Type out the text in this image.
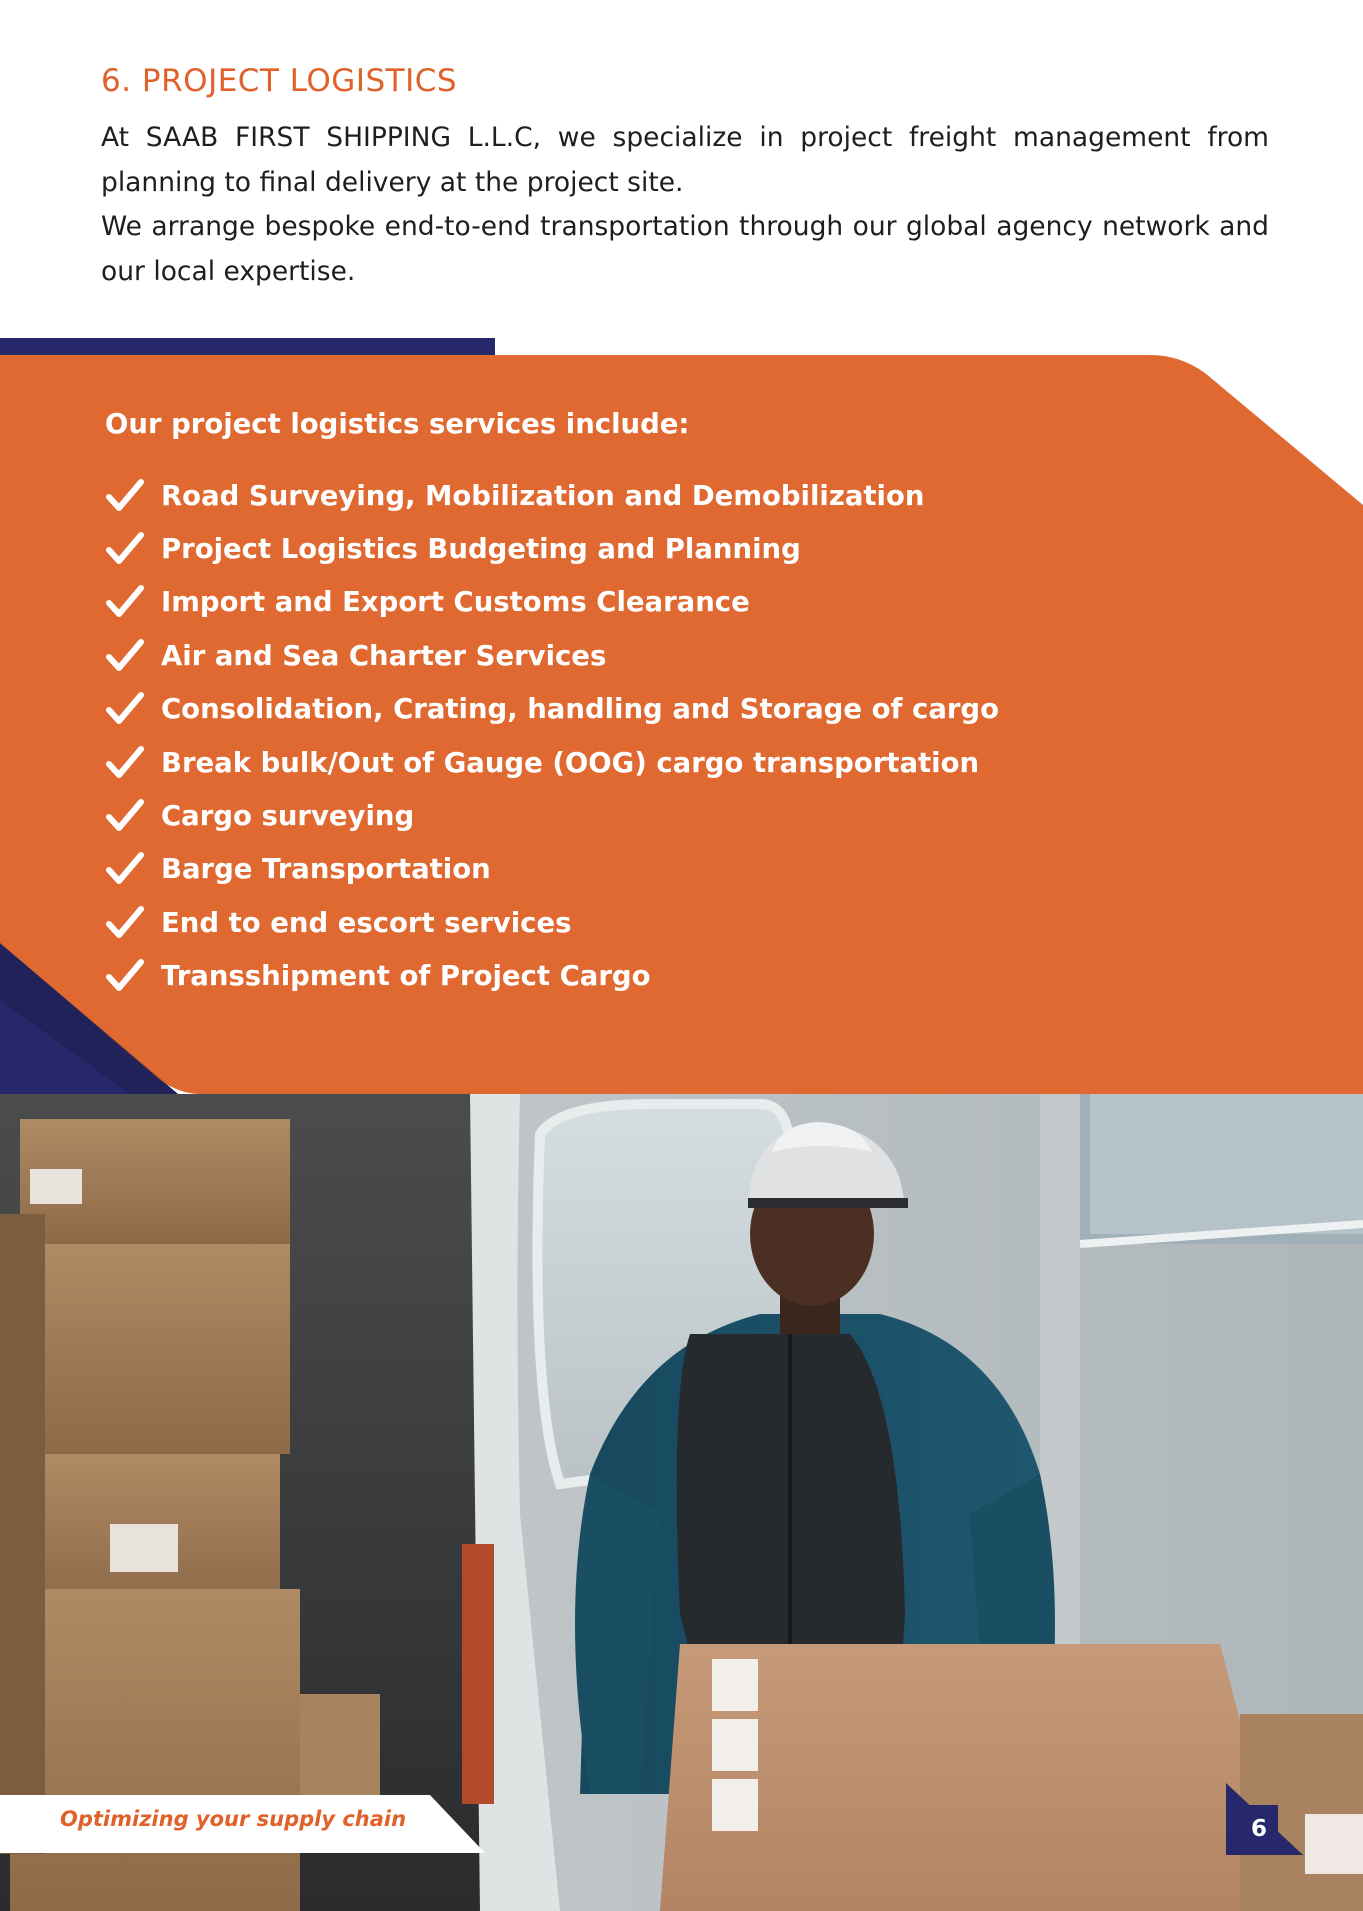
6. PROJECT LOGISTICS

At SAAB FIRST SHIPPING L.L.C, we specialize in project freight management from planning to final delivery at the project site.

We arrange bespoke end-to-end transportation through our global agency network and our local expertise.

Our project logistics services include:
Road Surveying, Mobilization and Demobilization
Project Logistics Budgeting and Planning
Import and Export Customs Clearance
Air and Sea Charter Services
Consolidation, Crating, handling and Storage of cargo
Break bulk/Out of Gauge (OOG) cargo transportation
Cargo surveying
Barge Transportation
End to end escort services
Transshipment of Project Cargo
Optimizing your supply chain	6
